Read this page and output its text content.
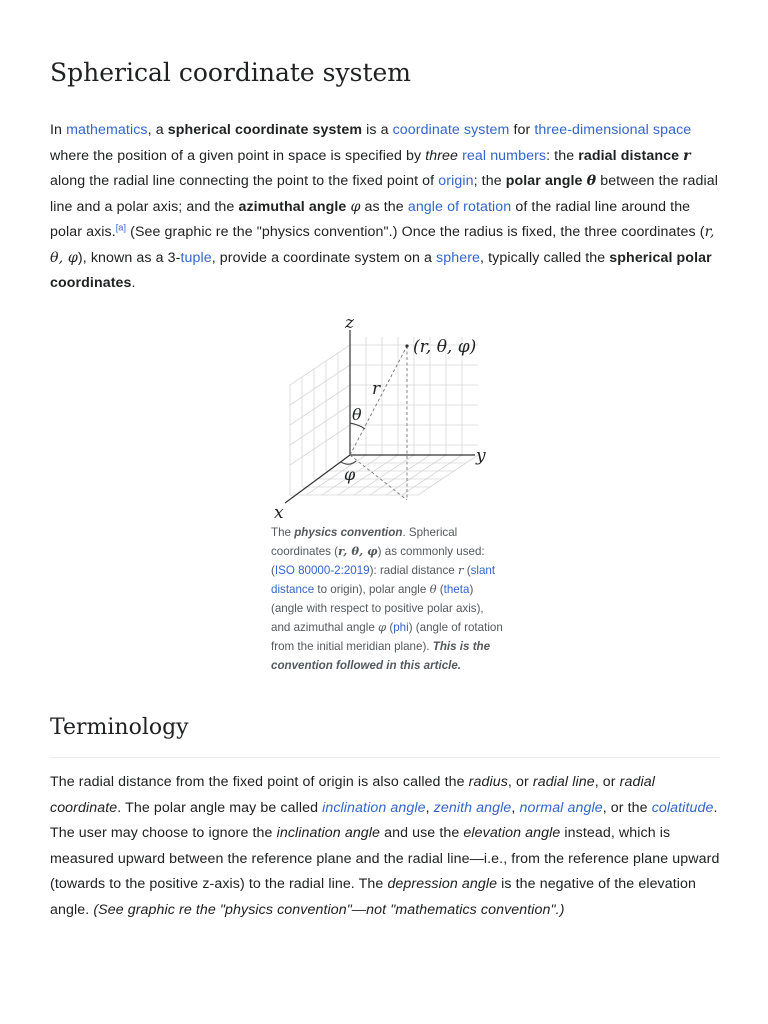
Spherical coordinate system

In mathematics, a spherical coordinate system is a coordinate system for three-dimensional space where the position of a given point in space is specified by three real numbers: the radial distance r along the radial line connecting the point to the fixed point of origin; the polar angle θ between the radial line and a polar axis; and the azimuthal angle φ as the angle of rotation of the radial line around the polar axis.[a] (See graphic re the "physics convention".) Once the radius is fixed, the three coordinates (r, θ, φ), known as a 3-tuple, provide a coordinate system on a sphere, typically called the spherical polar coordinates.

z
y
x
(r, θ, φ)
r
θ
φ

The physics convention. Spherical coordinates (r, θ, φ) as commonly used: (ISO 80000-2:2019): radial distance r (slant distance to origin), polar angle θ (theta) (angle with respect to positive polar axis), and azimuthal angle φ (phi) (angle of rotation from the initial meridian plane). This is the convention followed in this article.

Terminology

The radial distance from the fixed point of origin is also called the radius, or radial line, or radial coordinate. The polar angle may be called inclination angle, zenith angle, normal angle, or the colatitude. The user may choose to ignore the inclination angle and use the elevation angle instead, which is measured upward between the reference plane and the radial line—i.e., from the reference plane upward (towards to the positive z-axis) to the radial line. The depression angle is the negative of the elevation angle. (See graphic re the "physics convention"—not "mathematics convention".)
